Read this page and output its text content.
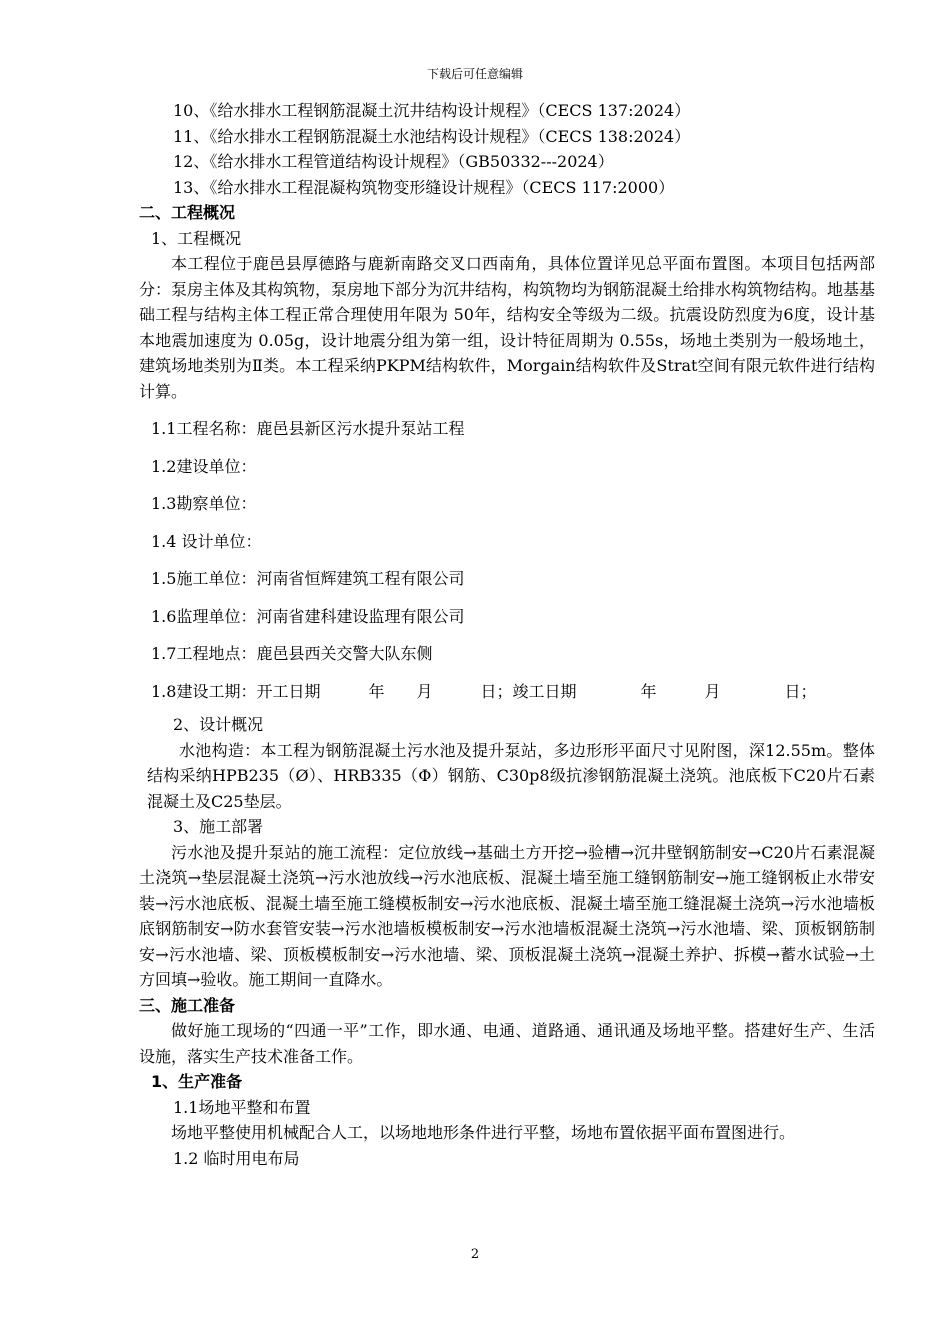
下载后可任意编辑

10、《给水排水工程钢筋混凝土沉井结构设计规程》（CECS 137:2024）

11、《给水排水工程钢筋混凝土水池结构设计规程》（CECS 138:2024）

12、《给水排水工程管道结构设计规程》（GB50332---2024）

13、《给水排水工程混凝构筑物变形缝设计规程》（CECS 117:2000）

二、工程概况

1、工程概况

本工程位于鹿邑县厚德路与鹿新南路交叉口西南角，具体位置详见总平面布置图。本项目包括两部分：泵房主体及其构筑物，泵房地下部分为沉井结构，构筑物均为钢筋混凝土给排水构筑物结构。地基基础工程与结构主体工程正常合理使用年限为 50年，结构安全等级为二级。抗震设防烈度为6度，设计基本地震加速度为 0.05g，设计地震分组为第一组，设计特征周期为 0.55s，场地土类别为一般场地土，建筑场地类别为Ⅱ类。本工程采纳PKPM结构软件，Morgain结构软件及Strat空间有限元软件进行结构计算。

1.1工程名称：鹿邑县新区污水提升泵站工程

1.2建设单位：

1.3勘察单位：

1.4 设计单位：

1.5施工单位：河南省恒辉建筑工程有限公司

1.6监理单位：河南省建科建设监理有限公司

1.7工程地点：鹿邑县西关交警大队东侧

1.8建设工期：开工日期　　　年　　月　　　日；竣工日期　　　　年　　　月　　　　日；

2、设计概况

水池构造：本工程为钢筋混凝土污水池及提升泵站，多边形形平面尺寸见附图，深12.55m。整体结构采纳HPB235（Ø）、HRB335（Φ）钢筋、C30p8级抗渗钢筋混凝土浇筑。池底板下C20片石素混凝土及C25垫层。

3、施工部署

污水池及提升泵站的施工流程：定位放线→基础土方开挖→验槽→沉井壁钢筋制安→C20片石素混凝土浇筑→垫层混凝土浇筑→污水池放线→污水池底板、混凝土墙至施工缝钢筋制安→施工缝钢板止水带安装→污水池底板、混凝土墙至施工缝模板制安→污水池底板、混凝土墙至施工缝混凝土浇筑→污水池墙板底钢筋制安→防水套管安装→污水池墙板模板制安→污水池墙板混凝土浇筑→污水池墙、梁、顶板钢筋制安→污水池墙、梁、顶板模板制安→污水池墙、梁、顶板混凝土浇筑→混凝土养护、拆模→蓄水试验→土方回填→验收。施工期间一直降水。

三、施工准备

做好施工现场的“四通一平”工作，即水通、电通、道路通、通讯通及场地平整。搭建好生产、生活设施，落实生产技术准备工作。

1、生产准备

1.1场地平整和布置

场地平整使用机械配合人工，以场地地形条件进行平整，场地布置依据平面布置图进行。

1.2 临时用电布局

2
